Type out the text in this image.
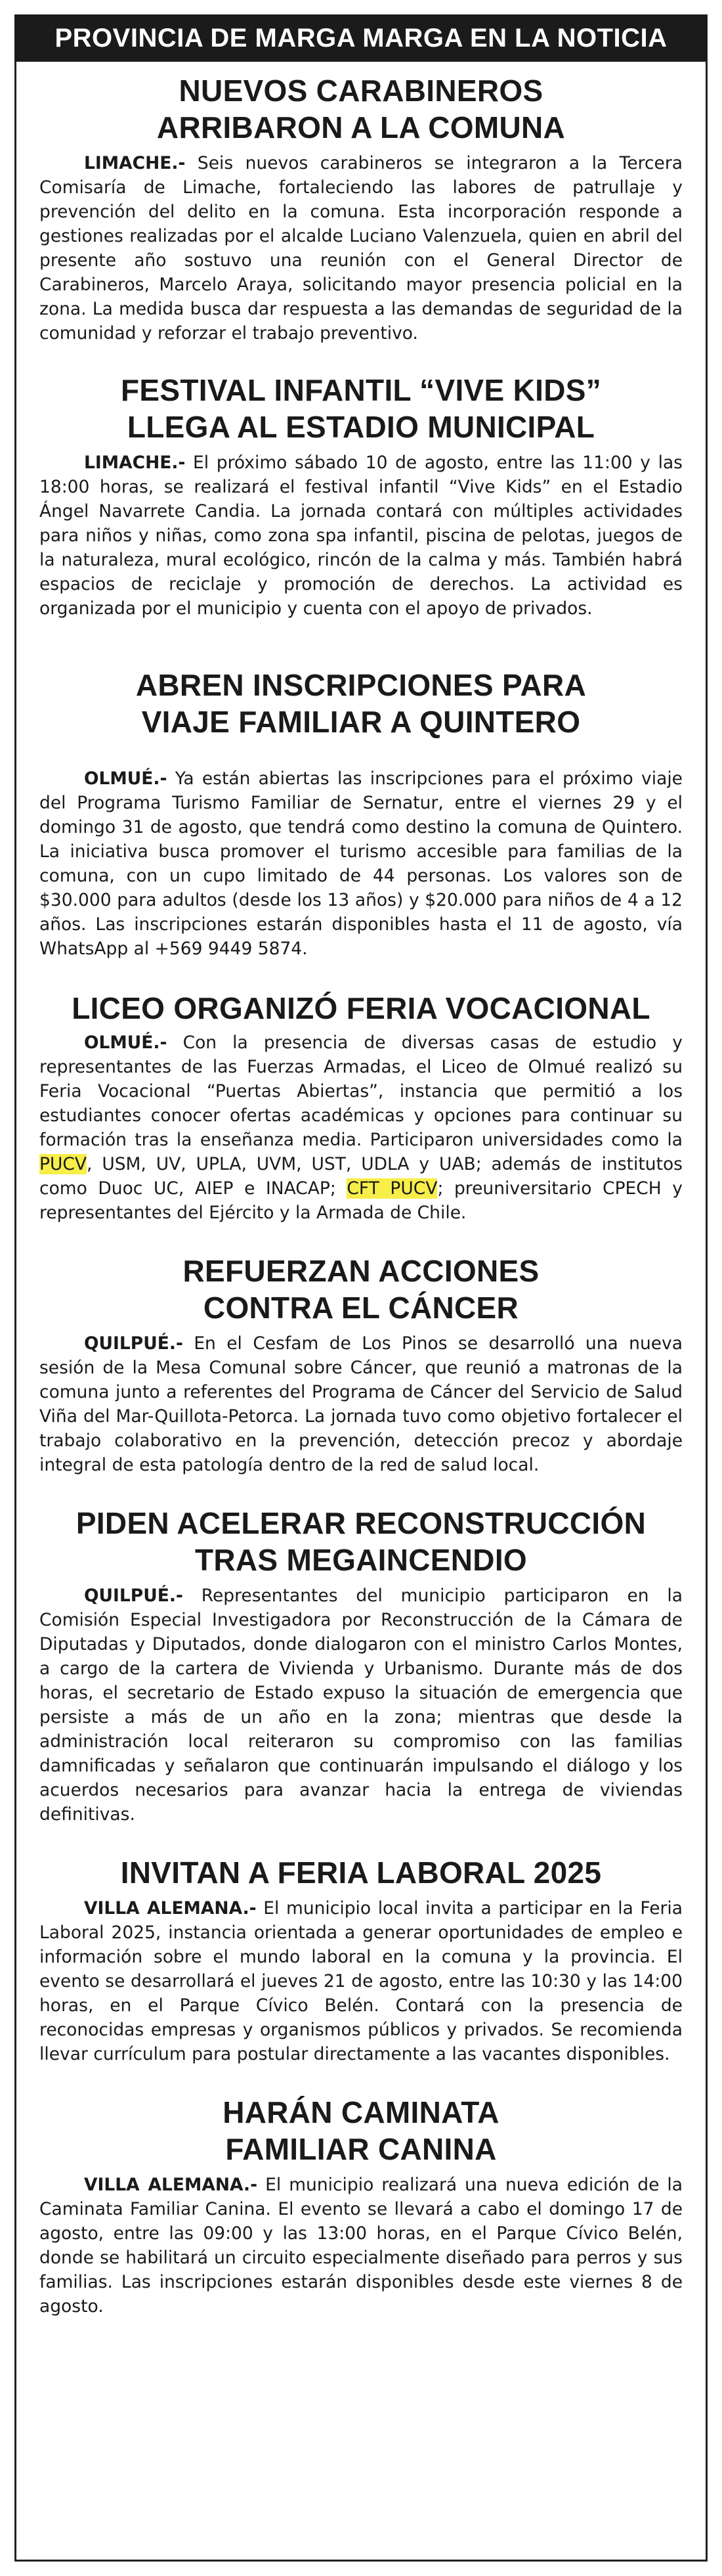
PROVINCIA DE MARGA MARGA EN LA NOTICIA
NUEVOS CARABINEROS
ARRIBARON A LA COMUNA

LIMACHE.- Seis nuevos carabineros se integraron a la Tercera Comisaría de Limache, fortaleciendo las labores de patrullaje y prevención del delito en la comuna. Esta incorporación responde a gestiones realizadas por el alcalde Luciano Valenzuela, quien en abril del presente año sostuvo una reunión con el General Director de Carabineros, Marcelo Araya, solicitando mayor presencia policial en la zona. La medida busca dar respuesta a las demandas de seguridad de la comunidad y reforzar el trabajo preventivo.

FESTIVAL INFANTIL “VIVE KIDS”
LLEGA AL ESTADIO MUNICIPAL

LIMACHE.- El próximo sábado 10 de agosto, entre las 11:00 y las 18:00 horas, se realizará el festival infantil “Vive Kids” en el Estadio Ángel Navarrete Candia. La jornada contará con múltiples actividades para niños y niñas, como zona spa infantil, piscina de pelotas, juegos de la naturaleza, mural ecológico, rincón de la calma y más. También habrá espacios de reciclaje y promoción de derechos. La actividad es organizada por el municipio y cuenta con el apoyo de privados.

ABREN INSCRIPCIONES PARA
VIAJE FAMILIAR A QUINTERO

OLMUÉ.- Ya están abiertas las inscripciones para el próximo viaje del Programa Turismo Familiar de Sernatur, entre el viernes 29 y el domingo 31 de agosto, que tendrá como destino la comuna de Quintero. La iniciativa busca promover el turismo accesible para familias de la comuna, con un cupo limitado de 44 personas. Los valores son de $30.000 para adultos (desde los 13 años) y $20.000 para niños de 4 a 12 años. Las inscripciones estarán disponibles hasta el 11 de agosto, vía WhatsApp al +569 9449 5874.

LICEO ORGANIZÓ FERIA VOCACIONAL

OLMUÉ.- Con la presencia de diversas casas de estudio y representantes de las Fuerzas Armadas, el Liceo de Olmué realizó su Feria Vocacional “Puertas Abiertas”, instancia que permitió a los estudiantes conocer ofertas académicas y opciones para continuar su formación tras la enseñanza media. Participaron universidades como la PUCV, USM, UV, UPLA, UVM, UST, UDLA y UAB; además de institutos como Duoc UC, AIEP e INACAP; CFT PUCV; preuniversitario CPECH y representantes del Ejército y la Armada de Chile.

REFUERZAN ACCIONES
CONTRA EL CÁNCER

QUILPUÉ.- En el Cesfam de Los Pinos se desarrolló una nueva sesión de la Mesa Comunal sobre Cáncer, que reunió a matronas de la comuna junto a referentes del Programa de Cáncer del Servicio de Salud Viña del Mar-Quillota-Petorca. La jornada tuvo como objetivo fortalecer el trabajo colaborativo en la prevención, detección precoz y abordaje integral de esta patología dentro de la red de salud local.

PIDEN ACELERAR RECONSTRUCCIÓN
TRAS MEGAINCENDIO

QUILPUÉ.- Representantes del municipio participaron en la Comisión Especial Investigadora por Reconstrucción de la Cámara de Diputadas y Diputados, donde dialogaron con el ministro Carlos Montes, a cargo de la cartera de Vivienda y Urbanismo. Durante más de dos horas, el secretario de Estado expuso la situación de emergencia que persiste a más de un año en la zona; mientras que desde la administración local reiteraron su compromiso con las familias damnificadas y señalaron que continuarán impulsando el diálogo y los acuerdos necesarios para avanzar hacia la entrega de viviendas definitivas.

INVITAN A FERIA LABORAL 2025

VILLA ALEMANA.- El municipio local invita a participar en la Feria Laboral 2025, instancia orientada a generar oportunidades de empleo e información sobre el mundo laboral en la comuna y la provincia. El evento se desarrollará el jueves 21 de agosto, entre las 10:30 y las 14:00 horas, en el Parque Cívico Belén. Contará con la presencia de reconocidas empresas y organismos públicos y privados. Se recomienda llevar currículum para postular directamente a las vacantes disponibles.

HARÁN CAMINATA
FAMILIAR CANINA

VILLA ALEMANA.- El municipio realizará una nueva edición de la Caminata Familiar Canina. El evento se llevará a cabo el domingo 17 de agosto, entre las 09:00 y las 13:00 horas, en el Parque Cívico Belén, donde se habilitará un circuito especialmente diseñado para perros y sus familias. Las inscripciones estarán disponibles desde este viernes 8 de agosto.
